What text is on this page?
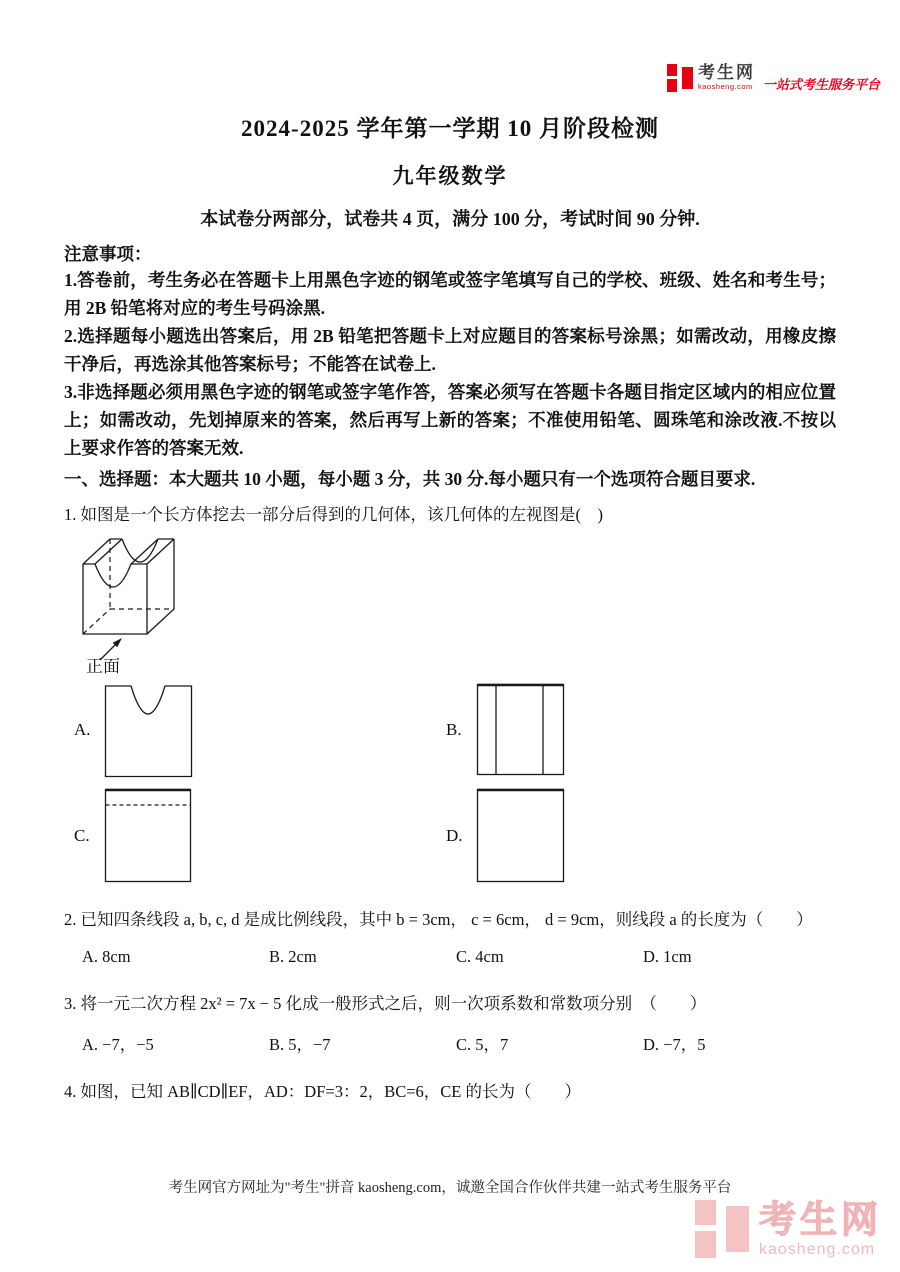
考生网
kaosheng.com 一站式考生服务平台
2024-2025 学年第一学期 10 月阶段检测
九年级数学
本试卷分两部分，试卷共 4 页，满分 100 分，考试时间 90 分钟.
注意事项：
1.答卷前，考生务必在答题卡上用黑色字迹的钢笔或签字笔填写自己的学校、班级、姓名和考生号；用 2B 铅笔将对应的考生号码涂黑.
2.选择题每小题选出答案后，用 2B 铅笔把答题卡上对应题目的答案标号涂黑；如需改动，用橡皮擦干净后，再选涂其他答案标号；不能答在试卷上.
3.非选择题必须用黑色字迹的钢笔或签字笔作答，答案必须写在答题卡各题目指定区域内的相应位置上；如需改动，先划掉原来的答案，然后再写上新的答案；不准使用铅笔、圆珠笔和涂改液.不按以上要求作答的答案无效.
一、选择题：本大题共 10 小题，每小题 3 分，共 30 分.每小题只有一个选项符合题目要求.
1. 如图是一个长方体挖去一部分后得到的几何体，该几何体的左视图是(　)
正面
A.	B.
C.	D.
2. 已知四条线段 a, b, c, d 是成比例线段，其中 b = 3cm， c = 6cm， d = 9cm，则线段 a 的长度为（　　）
A. 8cm	B. 2cm	C. 4cm	D. 1cm
3. 将一元二次方程 2x² = 7x − 5 化成一般形式之后，则一次项系数和常数项分别　（　　）
A. −7，−5	B. 5，−7	C. 5，7	D. −7，5
4. 如图，已知 AB∥CD∥EF，AD：DF=3：2，BC=6，CE 的长为（　　）
考生网官方网址为"考生"拼音 kaosheng.com，诚邀全国合作伙伴共建一站式考生服务平台
考生网
kaosheng.com
